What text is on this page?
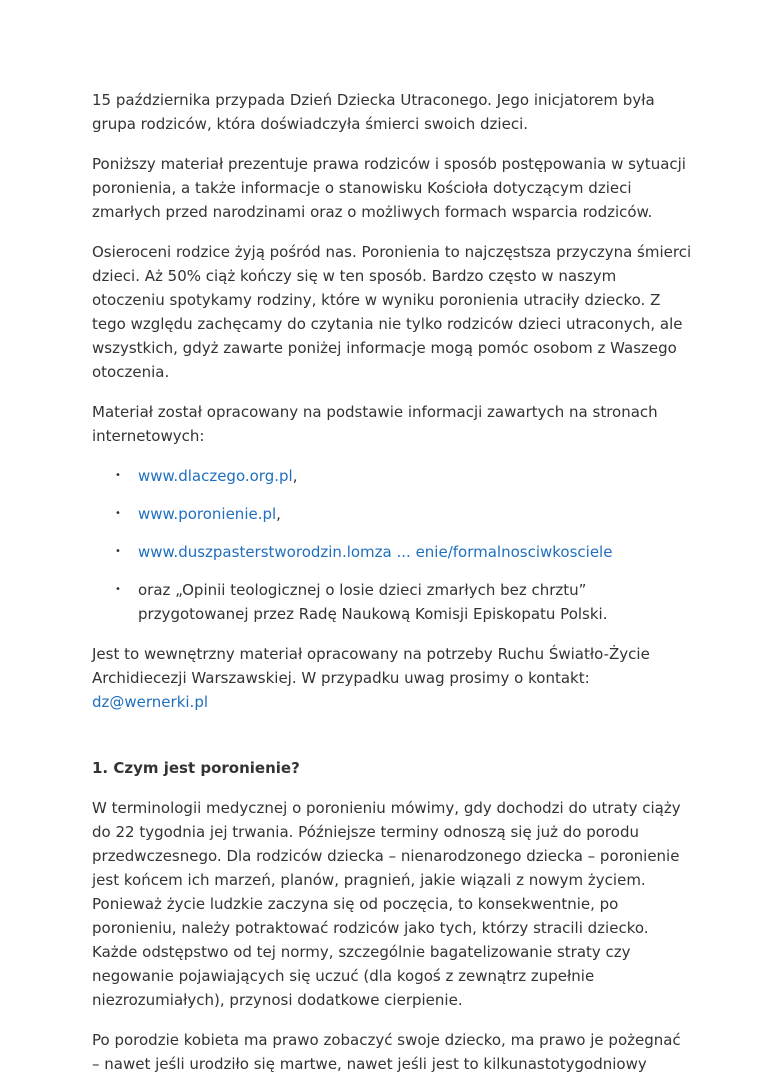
15 października przypada Dzień Dziecka Utraconego. Jego inicjatorem była grupa rodziców, która doświadczyła śmierci swoich dzieci.

Poniższy materiał prezentuje prawa rodziców i sposób postępowania w sytuacji poronienia, a także informacje o stanowisku Kościoła dotyczącym dzieci zmarłych przed narodzinami oraz o możliwych formach wsparcia rodziców.

Osieroceni rodzice żyją pośród nas. Poronienia to najczęstsza przyczyna śmierci dzieci. Aż 50% ciąż kończy się w ten sposób. Bardzo często w naszym otoczeniu spotykamy rodziny, które w wyniku poronienia utraciły dziecko. Z tego względu zachęcamy do czytania nie tylko rodziców dzieci utraconych, ale wszystkich, gdyż zawarte poniżej informacje mogą pomóc osobom z Waszego otoczenia.

Materiał został opracowany na podstawie informacji zawartych na stronach internetowych:

• www.dlaczego.org.pl,
• www.poronienie.pl,
• www.duszpasterstworodzin.lomza ... enie/formalnosciwkosciele
• oraz „Opinii teologicznej o losie dzieci zmarłych bez chrztu” przygotowanej przez Radę Naukową Komisji Episkopatu Polski.

Jest to wewnętrzny materiał opracowany na potrzeby Ruchu Światło-Życie Archidiecezji Warszawskiej. W przypadku uwag prosimy o kontakt: dz@wernerki.pl

1. Czym jest poronienie?

W terminologii medycznej o poronieniu mówimy, gdy dochodzi do utraty ciąży do 22 tygodnia jej trwania. Późniejsze terminy odnoszą się już do porodu przedwczesnego. Dla rodziców dziecka – nienarodzonego dziecka – poronienie jest końcem ich marzeń, planów, pragnień, jakie wiązali z nowym życiem. Ponieważ życie ludzkie zaczyna się od poczęcia, to konsekwentnie, po poronieniu, należy potraktować rodziców jako tych, którzy stracili dziecko. Każde odstępstwo od tej normy, szczególnie bagatelizowanie straty czy negowanie pojawiających się uczuć (dla kogoś z zewnątrz zupełnie niezrozumiałych), przynosi dodatkowe cierpienie.

Po porodzie kobieta ma prawo zobaczyć swoje dziecko, ma prawo je pożegnać – nawet jeśli urodziło się martwe, nawet jeśli jest to kilkunastotygodniowy
